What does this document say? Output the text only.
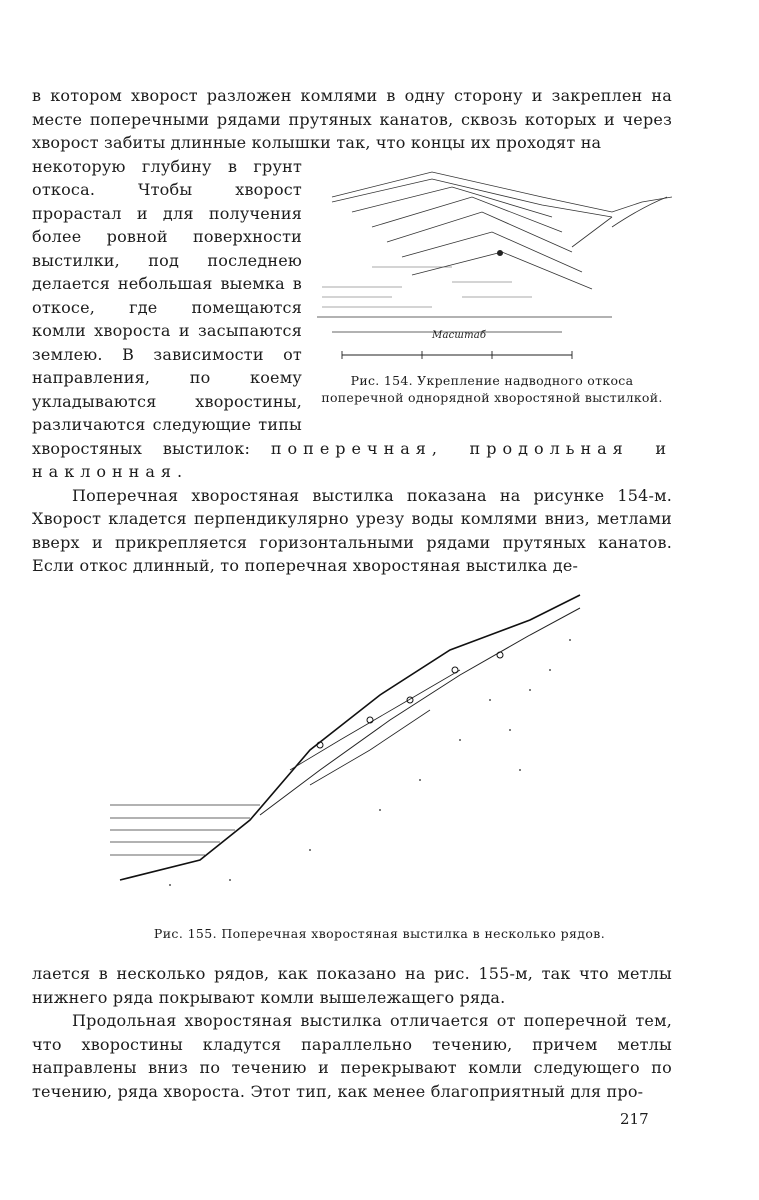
в котором хворост разложен комлями в одну сторону и закреплен на месте поперечными рядами прутяных канатов, сквозь которых и через хворост забиты длинные колышки так, что концы их проходят на

Масштаб
Рис. 154. Укрепление надводного откоса поперечной однорядной хворостяной выстилкой.

некоторую глубину в грунт откоса. Чтобы хворост прорастал и для получения более ровной поверхности выстилки, под последнею делается небольшая выемка в откосе, где помещаются комли хвороста и засыпаются землею. В зависимости от направления, по коему укладываются хворостины, различаются следующие типы хворостяных выстилок: поперечная, продольная и наклонная.

Поперечная хворостяная выстилка показана на рисунке 154-м. Хворост кладется перпендикулярно урезу воды комлями вниз, метлами вверх и прикрепляется горизонтальными рядами прутяных канатов. Если откос длинный, то поперечная хворостяная выстилка де-

Рис. 155. Поперечная хворостяная выстилка в несколько рядов.

лается в несколько рядов, как показано на рис. 155-м, так что метлы нижнего ряда покрывают комли вышележащего ряда.

Продольная хворостяная выстилка отличается от поперечной тем, что хворостины кладутся параллельно течению, причем метлы направлены вниз по течению и перекрывают комли следующего по течению, ряда хвороста. Этот тип, как менее благоприятный для про-

217
